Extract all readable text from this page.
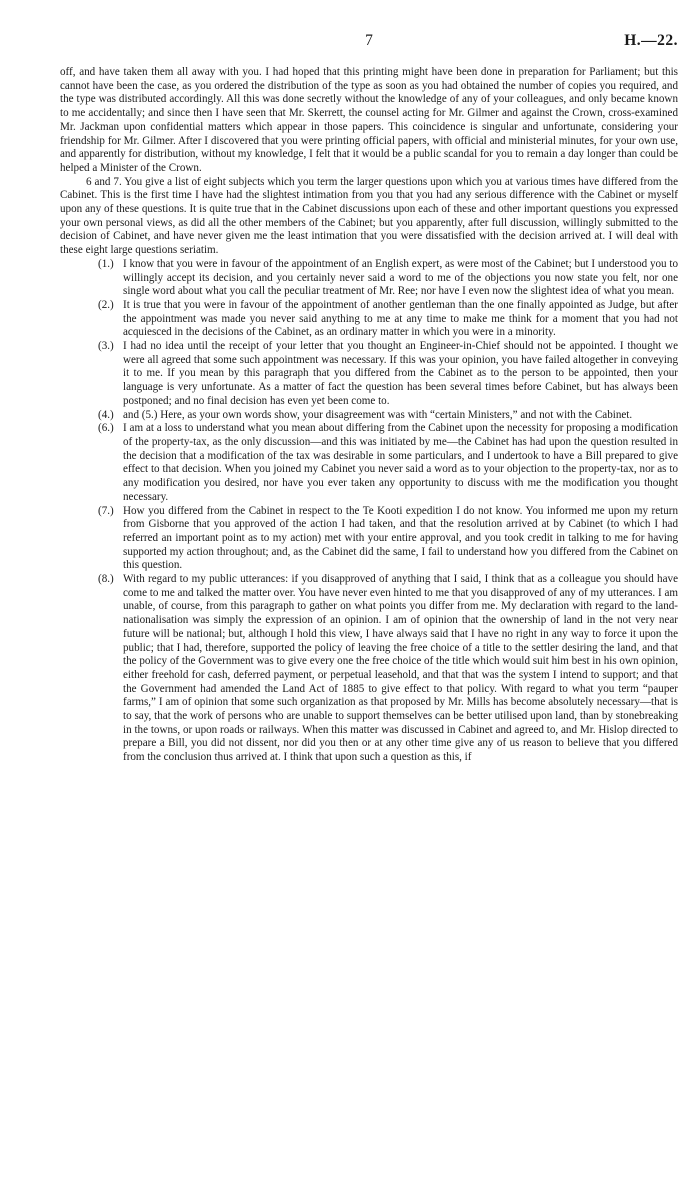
7	H.—22.

off, and have taken them all away with you. I had hoped that this printing might have been done in preparation for Parliament; but this cannot have been the case, as you ordered the distribution of the type as soon as you had obtained the number of copies you required, and the type was distributed accordingly. All this was done secretly without the knowledge of any of your colleagues, and only became known to me accidentally; and since then I have seen that Mr. Skerrett, the counsel acting for Mr. Gilmer and against the Crown, cross-examined Mr. Jackman upon confidential matters which appear in those papers. This coincidence is singular and unfortunate, considering your friendship for Mr. Gilmer. After I discovered that you were printing official papers, with official and ministerial minutes, for your own use, and apparently for distribution, without my knowledge, I felt that it would be a public scandal for you to remain a day longer than could be helped a Minister of the Crown.

6 and 7. You give a list of eight subjects which you term the larger questions upon which you at various times have differed from the Cabinet. This is the first time I have had the slightest intimation from you that you had any serious difference with the Cabinet or myself upon any of these questions. It is quite true that in the Cabinet discussions upon each of these and other important questions you expressed your own personal views, as did all the other members of the Cabinet; but you apparently, after full discussion, willingly submitted to the decision of Cabinet, and have never given me the least intimation that you were dissatisfied with the decision arrived at. I will deal with these eight large questions seriatim.

(1.) I know that you were in favour of the appointment of an English expert, as were most of the Cabinet; but I understood you to willingly accept its decision, and you certainly never said a word to me of the objections you now state you felt, nor one single word about what you call the peculiar treatment of Mr. Ree; nor have I even now the slightest idea of what you mean.
(2.) It is true that you were in favour of the appointment of another gentleman than the one finally appointed as Judge, but after the appointment was made you never said anything to me at any time to make me think for a moment that you had not acquiesced in the decisions of the Cabinet, as an ordinary matter in which you were in a minority.
(3.) I had no idea until the receipt of your letter that you thought an Engineer-in-Chief should not be appointed. I thought we were all agreed that some such appointment was necessary. If this was your opinion, you have failed altogether in conveying it to me. If you mean by this paragraph that you differed from the Cabinet as to the person to be appointed, then your language is very unfortunate. As a matter of fact the question has been several times before Cabinet, but has always been postponed; and no final decision has even yet been come to.
(4.) and (5.) Here, as your own words show, your disagreement was with “certain Ministers,” and not with the Cabinet.
(6.) I am at a loss to understand what you mean about differing from the Cabinet upon the necessity for proposing a modification of the property-tax, as the only discussion—and this was initiated by me—the Cabinet has had upon the question resulted in the decision that a modification of the tax was desirable in some particulars, and I undertook to have a Bill prepared to give effect to that decision. When you joined my Cabinet you never said a word as to your objection to the property-tax, nor as to any modification you desired, nor have you ever taken any opportunity to discuss with me the modification you thought necessary.
(7.) How you differed from the Cabinet in respect to the Te Kooti expedition I do not know. You informed me upon my return from Gisborne that you approved of the action I had taken, and that the resolution arrived at by Cabinet (to which I had referred an important point as to my action) met with your entire approval, and you took credit in talking to me for having supported my action throughout; and, as the Cabinet did the same, I fail to understand how you differed from the Cabinet on this question.
(8.) With regard to my public utterances: if you disapproved of anything that I said, I think that as a colleague you should have come to me and talked the matter over. You have never even hinted to me that you disapproved of any of my utterances. I am unable, of course, from this paragraph to gather on what points you differ from me. My declaration with regard to the land-nationalisation was simply the expression of an opinion. I am of opinion that the ownership of land in the not very near future will be national; but, although I hold this view, I have always said that I have no right in any way to force it upon the public; that I had, therefore, supported the policy of leaving the free choice of a title to the settler desiring the land, and that the policy of the Government was to give every one the free choice of the title which would suit him best in his own opinion, either freehold for cash, deferred payment, or perpetual leasehold, and that that was the system I intend to support; and that the Government had amended the Land Act of 1885 to give effect to that policy. With regard to what you term “pauper farms,” I am of opinion that some such organization as that proposed by Mr. Mills has become absolutely necessary—that is to say, that the work of persons who are unable to support themselves can be better utilised upon land, than by stonebreaking in the towns, or upon roads or railways. When this matter was discussed in Cabinet and agreed to, and Mr. Hislop directed to prepare a Bill, you did not dissent, nor did you then or at any other time give any of us reason to believe that you differed from the conclusion thus arrived at. I think that upon such a question as this, if
